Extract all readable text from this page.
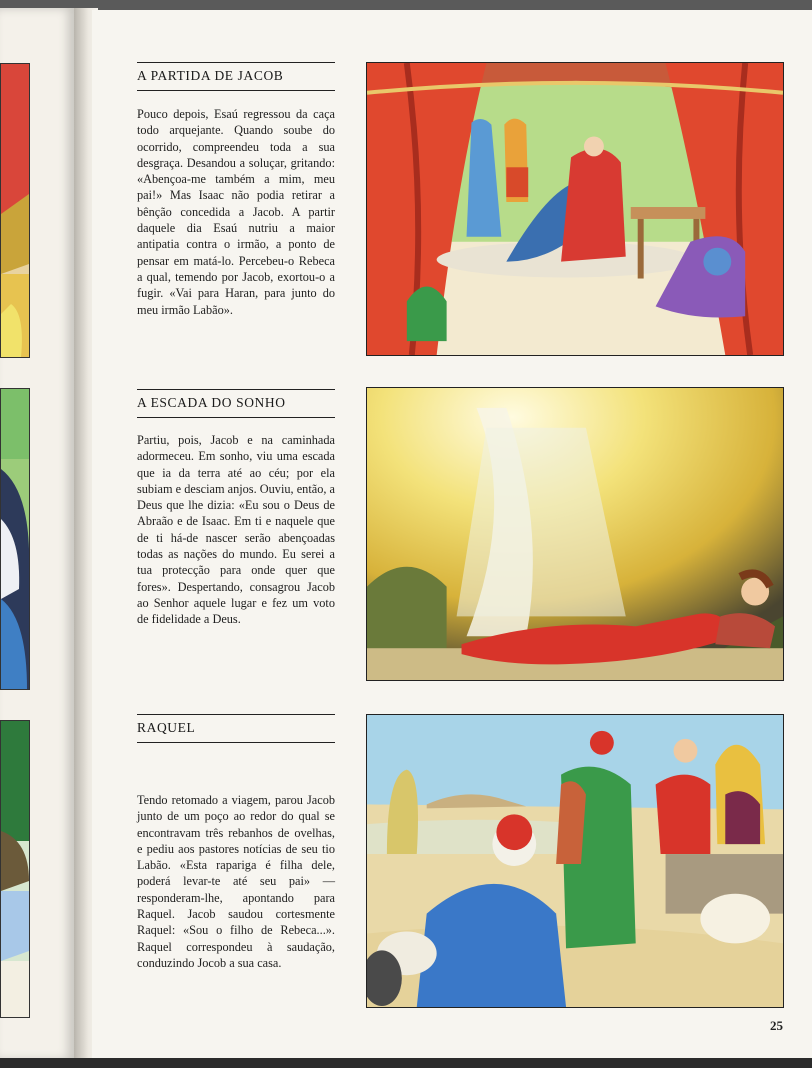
A PARTIDA DE JACOB
Pouco depois, Esaú regressou da caça todo arquejante. Quando soube do ocorrido, compreendeu toda a sua desgraça. Desandou a soluçar, gritando: «Abençoa-me também a mim, meu pai!» Mas Isaac não podia retirar a bênção concedida a Jacob. A partir daquele dia Esaú nutriu a maior antipatia contra o irmão, a ponto de pensar em matá-lo. Percebeu-o Rebeca a qual, temendo por Jacob, exortou-o a fugir. «Vai para Haran, para junto do meu irmão Labão».
A ESCADA DO SONHO
Partiu, pois, Jacob e na caminhada adormeceu. Em sonho, viu uma escada que ia da terra até ao céu; por ela subiam e desciam anjos. Ouviu, então, a Deus que lhe dizia: «Eu sou o Deus de Abraão e de Isaac. Em ti e naquele que de ti há-de nascer serão abençoadas todas as nações do mundo. Eu serei a tua protecção para onde quer que fores». Despertando, consagrou Jacob ao Senhor aquele lugar e fez um voto de fidelidade a Deus.
RAQUEL
Tendo retomado a viagem, parou Jacob junto de um poço ao redor do qual se encontravam três rebanhos de ovelhas, e pediu aos pastores notícias de seu tio Labão. «Esta rapariga é filha dele, poderá levar-te até seu pai» — responderam-lhe, apontando para Raquel. Jacob saudou cortesmente Raquel: «Sou o filho de Rebeca...». Raquel correspondeu à saudação, conduzindo Jocob a sua casa.
25
